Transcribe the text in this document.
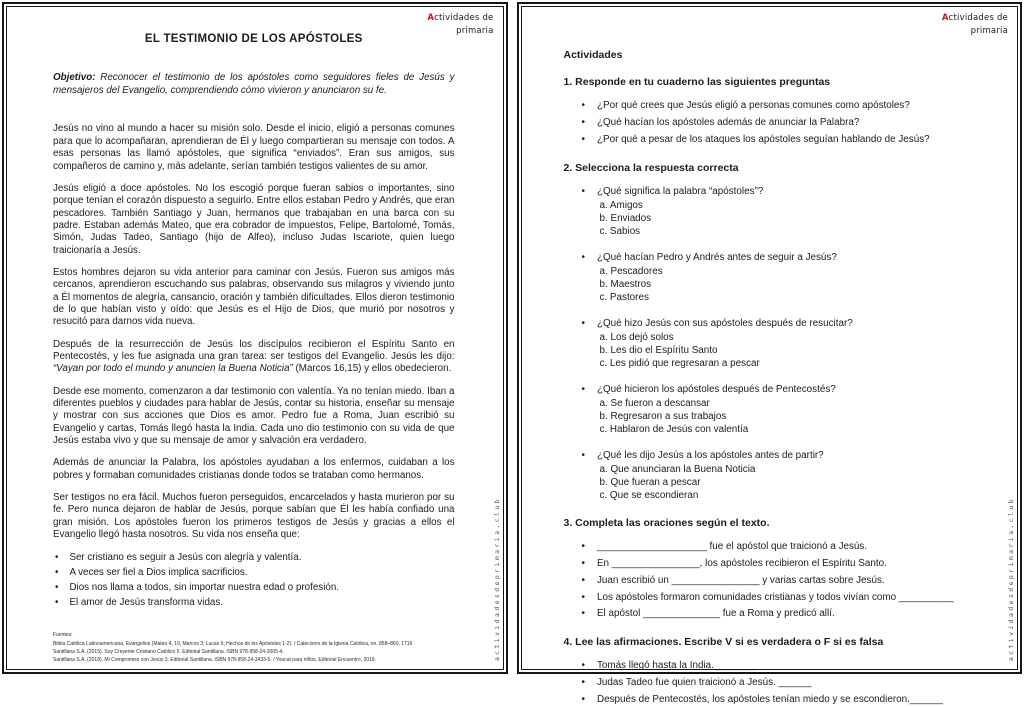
Actividades de
primaria
EL TESTIMONIO DE LOS APÓSTOLES

Objetivo: Reconocer el testimonio de los apóstoles como seguidores fieles de Jesús y mensajeros del Evangelio, comprendiendo cómo vivieron y anunciaron su fe.

Jesús no vino al mundo a hacer su misión solo. Desde el inicio, eligió a personas comunes para que lo acompañaran, aprendieran de Él y luego compartieran su mensaje con todos. A esas personas las llamó apóstoles, que significa “enviados”. Eran sus amigos, sus compañeros de camino y, más adelante, serían también testigos valientes de su amor.

Jesús eligió a doce apóstoles. No los escogió porque fueran sabios o importantes, sino porque tenían el corazón dispuesto a seguirlo. Entre ellos estaban Pedro y Andrés, que eran pescadores. También Santiago y Juan, hermanos que trabajaban en una barca con su padre. Estaban además Mateo, que era cobrador de impuestos, Felipe, Bartolomé, Tomás, Simón, Judas Tadeo, Santiago (hijo de Alfeo), incluso Judas Iscariote, quien luego traicionaría a Jesús.

Estos hombres dejaron su vida anterior para caminar con Jesús. Fueron sus amigos más cercanos, aprendieron escuchando sus palabras, observando sus milagros y viviendo junto a Él momentos de alegría, cansancio, oración y también dificultades. Ellos dieron testimonio de lo que habían visto y oído: que Jesús es el Hijo de Dios, que murió por nosotros y resucitó para darnos vida nueva.

Después de la resurrección de Jesús los discípulos recibieron el Espíritu Santo en Pentecostés, y les fue asignada una gran tarea: ser testigos del Evangelio. Jesús les dijo: “Vayan por todo el mundo y anuncien la Buena Noticia” (Marcos 16,15) y ellos obedecieron.

Desde ese momento, comenzaron a dar testimonio con valentía. Ya no tenían miedo. Iban a diferentes pueblos y ciudades para hablar de Jesús, contar su historia, enseñar su mensaje y mostrar con sus acciones que Dios es amor. Pedro fue a Roma, Juan escribió su Evangelio y cartas, Tomás llegó hasta la India. Cada uno dio testimonio con su vida de que Jesús estaba vivo y que su mensaje de amor y salvación era verdadero.

Además de anunciar la Palabra, los apóstoles ayudaban a los enfermos, cuidaban a los pobres y formaban comunidades cristianas donde todos se trataban como hermanos.

Ser testigos no era fácil. Muchos fueron perseguidos, encarcelados y hasta murieron por su fe. Pero nunca dejaron de hablar de Jesús, porque sabían que Él les había confiado una gran misión. Los apóstoles fueron los primeros testigos de Jesús y gracias a ellos el Evangelio llegó hasta nosotros. Su vida nos enseña que:

• Ser cristiano es seguir a Jesús con alegría y valentía.
• A veces ser fiel a Dios implica sacrificios.
• Dios nos llama a todos, sin importar nuestra edad o profesión.
• El amor de Jesús transforma vidas.
Fuentes:
Biblia Católica Latinoamericana, Evangelios (Mateo 4, 10; Marcos 3; Lucas 6; Hechos de los Apóstoles 1-2). / Catecismo de la Iglesia Católica, nn. 858–860, 1716
Santillana S.A. (2015). Soy Creyente Cristiano Católico 5. Editorial Santillana. ISBN 978-958-24-3005-4.
Santillana S.A. (2018). Mi Compromiso con Jesús 3. Editorial Santillana. ISBN 978-958-24-3433-5. / Youcat para niños, Editorial Encuentro, 2019.	actividadesdeprimaria.club
Actividades de
primaria
Actividades
1. Responde en tu cuaderno las siguientes preguntas
• ¿Por qué crees que Jesús eligió a personas comunes como apóstoles?
• ¿Qué hacían los apóstoles además de anunciar la Palabra?
• ¿Por qué a pesar de los ataques los apóstoles seguían hablando de Jesús?
2. Selecciona la respuesta correcta
• ¿Qué significa la palabra “apóstoles”?
a. Amigos
b. Enviados
c. Sabios
• ¿Qué hacían Pedro y Andrés antes de seguir a Jesús?
a. Pescadores
b. Maestros
c. Pastores
• ¿Qué hizo Jesús con sus apóstoles después de resucitar?
a. Los dejó solos
b. Les dio el Espíritu Santo
c. Les pidió que regresaran a pescar
• ¿Qué hicieron los apóstoles después de Pentecostés?
a. Se fueron a descansar
b. Regresaron a sus trabajos
c. Hablaron de Jesús con valentía
• ¿Qué les dijo Jesús a los apóstoles antes de partir?
a. Que anunciaran la Buena Noticia
b. Que fueran a pescar
c. Que se escondieran
3. Completa las oraciones según el texto.
• ____________________ fue el apóstol que traicionó a Jesús.
• En ________________, los apóstoles recibieron el Espíritu Santo.
• Juan escribió un ________________ y varias cartas sobre Jesús.
• Los apóstoles formaron comunidades cristianas y todos vivían como __________
• El apóstol ______________ fue a Roma y predicó allí.
4. Lee las afirmaciones. Escribe V si es verdadera o F si es falsa
• Tomás llegó hasta la India. _______
• Judas Tadeo fue quien traicionó a Jesús. ______
• Después de Pentecostés, los apóstoles tenían miedo y se escondieron.______
actividadesdeprimaria.club
